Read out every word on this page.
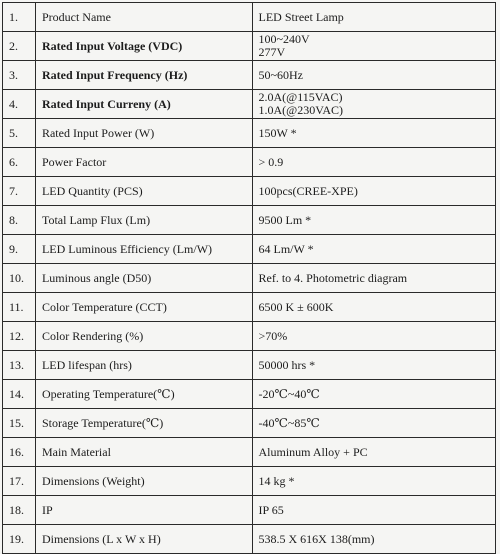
1.	Product Name	LED Street Lamp

2.	Rated Input Voltage (VDC)	100~240V
277V

3.	Rated Input Frequency (Hz)	50~60Hz

4.	Rated Input Curreny (A)	2.0A(@115VAC)
1.0A(@230VAC)

5.	Rated Input Power (W)	150W *

6.	Power Factor	> 0.9

7.	LED Quantity (PCS)	100pcs(CREE-XPE)

8.	Total Lamp Flux (Lm)	9500 Lm *

9.	LED Luminous Efficiency (Lm/W)	64 Lm/W *

10.	Luminous angle (D50)	Ref. to 4. Photometric diagram

11.	Color Temperature (CCT)	6500 K ± 600K

12.	Color Rendering (%)	>70%

13.	LED lifespan (hrs)	50000 hrs *

14.	Operating Temperature(℃)	-20℃~40℃

15.	Storage Temperature(℃)	-40℃~85℃

16.	Main Material	Aluminum Alloy + PC

17.	Dimensions (Weight)	14 kg *

18.	IP	IP 65

19.	Dimensions (L x W x H)	538.5 X 616X 138(mm)
